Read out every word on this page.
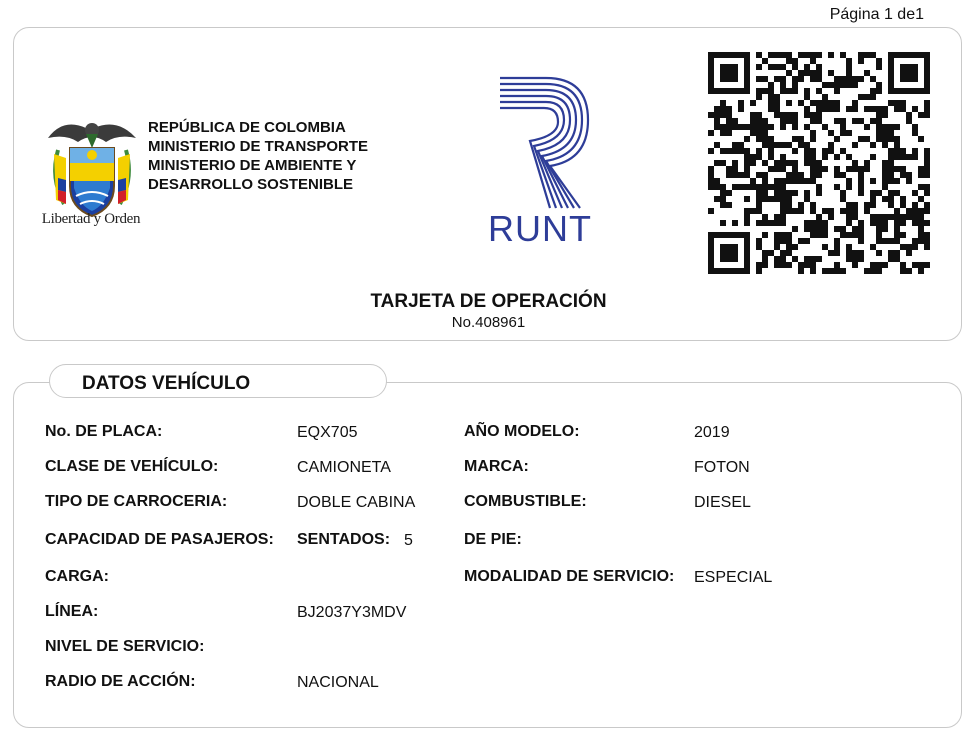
Página 1 de1
Libertad y Orden
REPÚBLICA DE COLOMBIA
MINISTERIO DE TRANSPORTE
MINISTERIO DE AMBIENTE Y
DESARROLLO SOSTENIBLE
RUNT
TARJETA DE OPERACIÓN
No.408961
DATOS VEHÍCULO
No. DE PLACA:	EQX705	AÑO MODELO:	2019
CLASE DE VEHÍCULO:	CAMIONETA	MARCA:	FOTON
TIPO DE CARROCERIA:	DOBLE CABINA	COMBUSTIBLE:	DIESEL
CAPACIDAD DE PASAJEROS: SENTADOS: 5	DE PIE:
CARGA:	MODALIDAD DE SERVICIO: ESPECIAL
LÍNEA:	BJ2037Y3MDV
NIVEL DE SERVICIO:
RADIO DE ACCIÓN:	NACIONAL
